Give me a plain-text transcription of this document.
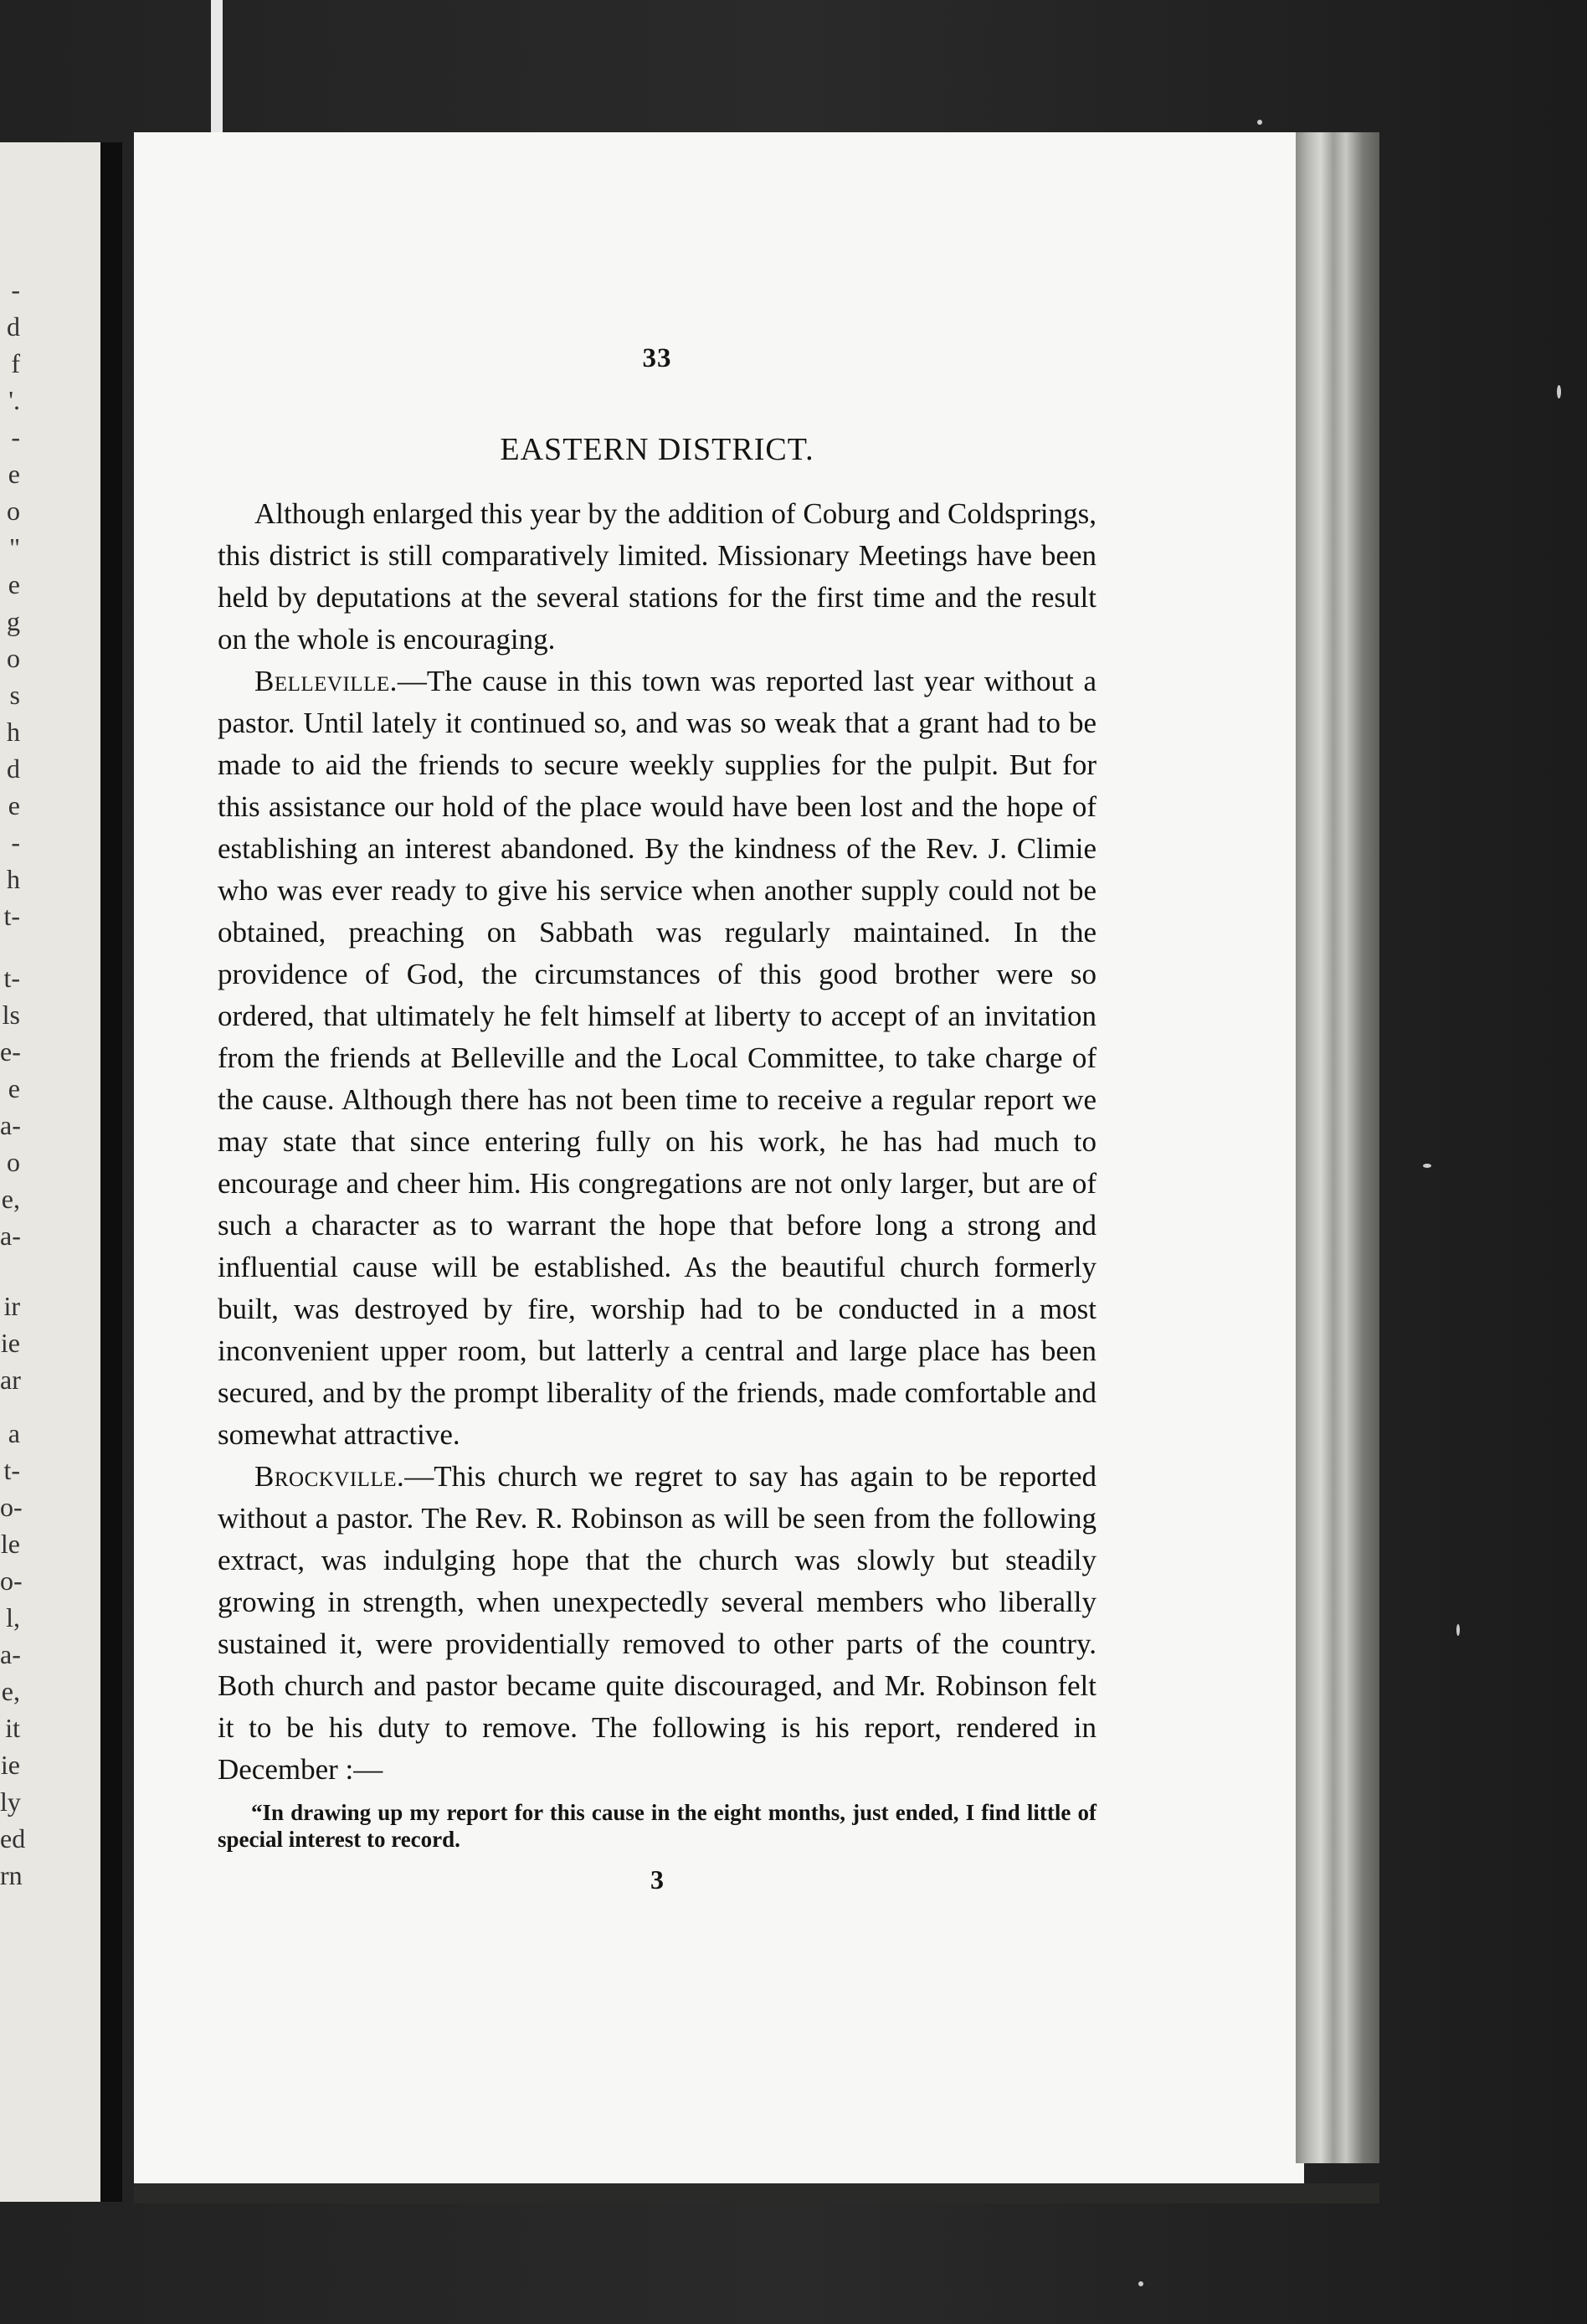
-
d
f
'.
-
e
o
"
e
g
o
s
h
d
e
-
h
t-
t-
ls
e-
e
a-
o
e,
a-
ir
ie
ar
a
t-
o-
le
o-
l,
a-
e,
it
ie
ly
ed
rn
33
EASTERN DISTRICT.

Although enlarged this year by the addition of Coburg and Coldsprings, this district is still comparatively limited. Missionary Meetings have been held by deputations at the several stations for the first time and the result on the whole is encouraging.

Belleville.—The cause in this town was reported last year without a pastor. Until lately it continued so, and was so weak that a grant had to be made to aid the friends to secure weekly supplies for the pulpit. But for this assistance our hold of the place would have been lost and the hope of establishing an interest abandoned. By the kindness of the Rev. J. Climie who was ever ready to give his service when another supply could not be obtained, preaching on Sabbath was regularly maintained. In the providence of God, the circumstances of this good brother were so ordered, that ultimately he felt himself at liberty to accept of an invitation from the friends at Belleville and the Local Committee, to take charge of the cause. Although there has not been time to receive a regular report we may state that since entering fully on his work, he has had much to encourage and cheer him. His congregations are not only larger, but are of such a character as to warrant the hope that before long a strong and influential cause will be established. As the beautiful church formerly built, was destroyed by fire, worship had to be conducted in a most inconvenient upper room, but latterly a central and large place has been secured, and by the prompt liberality of the friends, made comfortable and somewhat attractive.

Brockville.—This church we regret to say has again to be reported without a pastor. The Rev. R. Robinson as will be seen from the following extract, was indulging hope that the church was slowly but steadily growing in strength, when unexpectedly several members who liberally sustained it, were providentially removed to other parts of the country. Both church and pastor became quite discouraged, and Mr. Robinson felt it to be his duty to remove. The following is his report, rendered in December :—

“In drawing up my report for this cause in the eight months, just ended, I find little of special interest to record.
3
